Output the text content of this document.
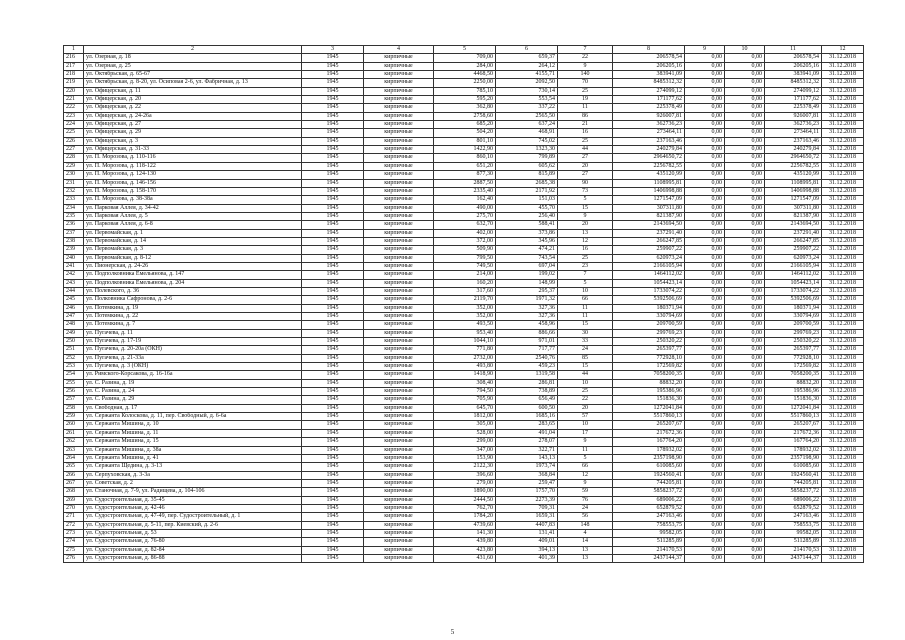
1	2	3	4	5	6	7	8	9	10	11	12
216	ул. Озерная, д. 18	1945	кирпичные	709,00	659,37	22	206578,54	0,00	0,00	206578,54	31.12.2018
217	ул. Озерная, д. 25	1945	кирпичные	284,00	264,12	9	206205,16	0,00	0,00	206205,16	31.12.2018
218	ул. Октябрьская, д. 65-67	1945	кирпичные	4468,50	4155,71	140	383941,09	0,00	0,00	383941,09	31.12.2018
219	ул. Октябрьская, д. 8-20, ул. Осиповая 2-6, ул. Фабричная, д. 13	1945	кирпичные	2250,00	2092,50	70	8485312,32	0,00	0,00	8485312,32	31.12.2018
220	ул. Офицерская, д. 11	1945	кирпичные	785,10	730,14	25	274099,12	0,00	0,00	274099,12	31.12.2018
221	ул. Офицерская, д. 20	1945	кирпичные	595,20	553,54	19	171177,62	0,00	0,00	171177,62	31.12.2018
222	ул. Офицерская, д. 22	1945	кирпичные	362,80	337,22	11	225378,49	0,00	0,00	225378,49	31.12.2018
223	ул. Офицерская, д. 24-26а	1945	кирпичные	2758,60	2565,50	86	926007,81	0,00	0,00	926007,81	31.12.2018
224	ул. Офицерская, д. 27	1945	кирпичные	685,20	637,24	21	362736,23	0,00	0,00	362736,23	31.12.2018
225	ул. Офицерская, д. 29	1945	кирпичные	504,20	468,91	16	273464,11	0,00	0,00	273464,11	31.12.2018
226	ул. Офицерская, д. 3	1945	кирпичные	801,10	745,02	25	237163,46	0,00	0,00	237163,46	31.12.2018
227	ул. Офицерская, д. 31-33	1945	кирпичные	1422,90	1323,30	44	240279,84	0,00	0,00	240279,84	31.12.2018
228	ул. П. Морозова, д. 110-116	1945	кирпичные	860,10	799,89	27	2964650,72	0,00	0,00	2964650,72	31.12.2018
229	ул. П. Морозова, д. 118-122	1945	кирпичные	651,20	605,62	20	2256782,55	0,00	0,00	2256782,55	31.12.2018
230	ул. П. Морозова, д. 124-130	1945	кирпичные	877,30	815,89	27	435120,99	0,00	0,00	435120,99	31.12.2018
231	ул. П. Морозова, д. 146-156	1945	кирпичные	2887,50	2685,38	90	1108995,81	0,00	0,00	1108995,81	31.12.2018
232	ул. П. Морозова, д. 158-170	1945	кирпичные	2335,40	2171,92	73	1406998,88	0,00	0,00	1406998,88	31.12.2018
233	ул. П. Морозова, д. 38-38а	1945	кирпичные	162,40	151,03	5	1271547,09	0,00	0,00	1271547,09	31.12.2018
234	ул. Парковая Аллея, д. 34-42	1945	кирпичные	490,00	455,70	15	307311,80	0,00	0,00	307311,80	31.12.2018
235	ул. Парковая Аллея, д. 5	1945	кирпичные	275,70	256,40	9	821387,90	0,00	0,00	821387,90	31.12.2018
236	ул. Парковая Аллея, д. 6-8	1945	кирпичные	632,70	588,41	20	2143694,50	0,00	0,00	2143694,50	31.12.2018
237	ул. Первомайская, д. 1	1945	кирпичные	402,00	373,86	13	237291,40	0,00	0,00	237291,40	31.12.2018
238	ул. Первомайская, д. 14	1945	кирпичные	372,00	345,96	12	266247,85	0,00	0,00	266247,85	31.12.2018
239	ул. Первомайская, д. 3	1945	кирпичные	509,90	474,21	16	259907,22	0,00	0,00	259907,22	31.12.2018
240	ул. Первомайская, д. 8-12	1945	кирпичные	799,50	743,54	25	620973,24	0,00	0,00	620973,24	31.12.2018
241	ул. Пионерская, д. 24-26	1945	кирпичные	749,50	697,04	23	2166105,94	0,00	0,00	2166105,94	31.12.2018
242	ул. Подполковника Емельянова, д. 147	1945	кирпичные	214,00	199,02	7	1464112,02	0,00	0,00	1464112,02	31.12.2018
243	ул. Подполковника Емельянова, д. 204	1945	кирпичные	160,20	148,99	5	1054423,14	0,00	0,00	1054423,14	31.12.2018
244	ул. Полевского, д. 36	1945	кирпичные	317,60	295,37	10	1733074,22	0,00	0,00	1733074,22	31.12.2018
245	ул. Полковника Сафронова, д. 2-6	1945	кирпичные	2119,70	1971,32	66	5392506,69	0,00	0,00	5392506,69	31.12.2018
246	ул. Потемкина, д. 19	1945	кирпичные	352,00	327,36	11	180371,94	0,00	0,00	180371,94	31.12.2018
247	ул. Потемкина, д. 22	1945	кирпичные	352,00	327,36	11	330794,69	0,00	0,00	330794,69	31.12.2018
248	ул. Потемкина, д. 7	1945	кирпичные	493,50	458,96	15	209700,59	0,00	0,00	209700,59	31.12.2018
249	ул. Пугачева, д. 11	1945	кирпичные	953,40	886,66	30	299769,23	0,00	0,00	299769,23	31.12.2018
250	ул. Пугачева, д. 17-19	1945	кирпичные	1044,10	971,01	33	250320,22	0,00	0,00	250320,22	31.12.2018
251	ул. Пугачева, д. 20-20а (ОКН)	1945	кирпичные	771,80	717,77	24	265397,77	0,00	0,00	265397,77	31.12.2018
252	ул. Пугачева, д. 21-33а	1945	кирпичные	2732,00	2540,76	85	772928,10	0,00	0,00	772928,10	31.12.2018
253	ул. Пугачева, д. 3 (ОКН)	1945	кирпичные	493,80	459,23	15	172569,82	0,00	0,00	172569,82	31.12.2018
254	ул. Римского-Корсакова, д. 16-16а	1945	кирпичные	1418,90	1319,58	44	7058200,35	0,00	0,00	7058200,35	31.12.2018
255	ул. С. Разина, д. 19	1945	кирпичные	308,40	286,81	10	88832,20	0,00	0,00	88832,20	31.12.2018
256	ул. С. Разина, д. 24	1945	кирпичные	794,50	738,89	25	195386,96	0,00	0,00	195386,96	31.12.2018
257	ул. С. Разина, д. 29	1945	кирпичные	705,90	656,49	22	151836,30	0,00	0,00	151836,30	31.12.2018
258	ул. Свободная, д. 17	1945	кирпичные	645,70	600,50	20	1272041,84	0,00	0,00	1272041,84	31.12.2018
259	ул. Сержанта Колоскова, д. 11, пер. Свободный, д. 6-6а	1945	кирпичные	1812,00	1685,16	57	5517860,13	0,00	0,00	5517860,13	31.12.2018
260	ул. Сержанта Мишина, д. 10	1945	кирпичные	305,00	283,65	10	265207,67	0,00	0,00	265207,67	31.12.2018
261	ул. Сержанта Мишина, д. 11	1945	кирпичные	528,00	491,04	17	217672,36	0,00	0,00	217672,36	31.12.2018
262	ул. Сержанта Мишина, д. 15	1945	кирпичные	299,00	278,07	9	167764,20	0,00	0,00	167764,20	31.12.2018
263	ул. Сержанта Мишина, д. 38а	1945	кирпичные	347,00	322,71	11	178932,02	0,00	0,00	178932,02	31.12.2018
264	ул. Сержанта Мишина, д. 41	1945	кирпичные	153,90	143,13	5	2357198,90	0,00	0,00	2357198,90	31.12.2018
265	ул. Сержанта Щедина, д. 3-13	1945	кирпичные	2122,30	1973,74	66	610085,60	0,00	0,00	610085,60	31.12.2018
266	ул. Серпуховская, д. 3-3а	1945	кирпичные	396,60	368,84	12	1924560,41	0,00	0,00	1924560,41	31.12.2018
267	ул. Советская, д. 2	1945	кирпичные	279,00	259,47	9	744205,81	0,00	0,00	744205,81	31.12.2018
268	ул. Станочная, д. 7-9, ул. Радищева, д. 104-106	1945	кирпичные	1890,00	1757,70	59	5858237,72	0,00	0,00	5858237,72	31.12.2018
269	ул. Судостроительная, д. 35-45	1945	кирпичные	2444,50	2273,39	76	689006,22	0,00	0,00	689006,22	31.12.2018
270	ул. Судостроительная, д. 42-46	1945	кирпичные	762,70	709,31	24	652879,52	0,00	0,00	652879,52	31.12.2018
271	ул. Судостроительная, д. 47-49, пер. Судостроительный, д. 1	1945	кирпичные	1784,20	1659,31	56	247163,46	0,00	0,00	247163,46	31.12.2018
272	ул. Судостроительная, д. 5-11, пер. Киевский, д. 2-6	1945	кирпичные	4739,60	4407,83	148	758553,75	0,00	0,00	758553,75	31.12.2018
273	ул. Судостроительная, д. 53	1945	кирпичные	141,30	131,41	4	99582,05	0,00	0,00	99582,05	31.12.2018
274	ул. Судостроительная, д. 76-80	1945	кирпичные	439,80	409,01	14	511285,89	0,00	0,00	511285,89	31.12.2018
275	ул. Судостроительная, д. 82-84	1945	кирпичные	423,80	394,13	13	214170,53	0,00	0,00	214170,53	31.12.2018
276	ул. Судостроительная, д. 86-88	1945	кирпичные	431,60	401,39	13	2437144,37	0,00	0,00	2437144,37	31.12.2018
5
